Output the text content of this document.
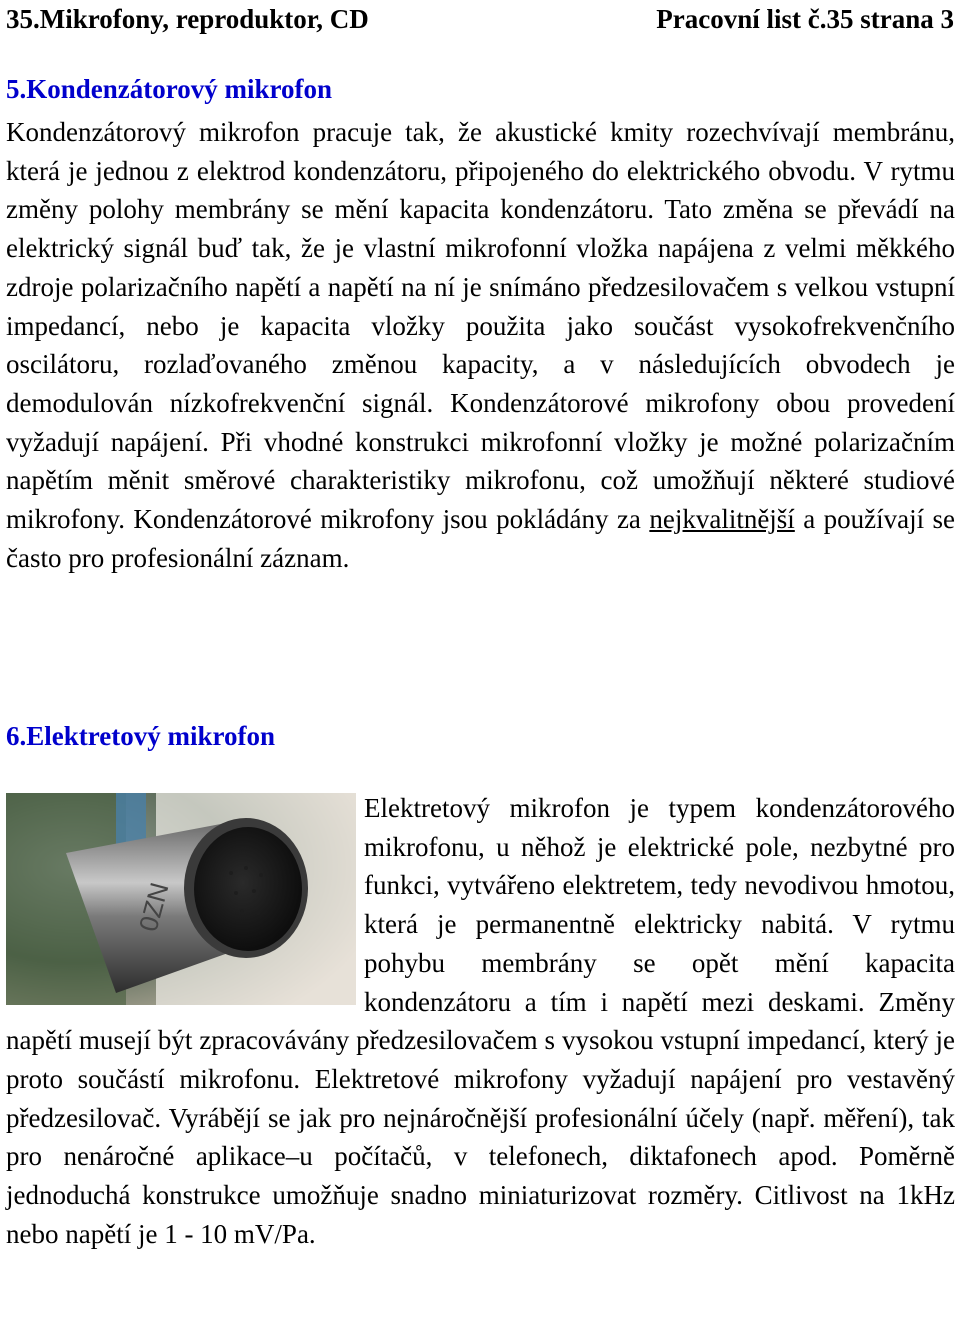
35.Mikrofony, reproduktor, CD	Pracovní list č.35 strana 3
5.Kondenzátorový mikrofon
Kondenzátorový mikrofon pracuje tak, že akustické kmity rozechvívají membránu, která je jednou z elektrod kondenzátoru, připojeného do elektrického obvodu. V rytmu změny polohy membrány se mění kapacita kondenzátoru. Tato změna se převádí na elektrický signál buď tak, že je vlastní mikrofonní vložka napájena z velmi měkkého zdroje polarizačního napětí a napětí na ní je snímáno předzesilovačem s velkou vstupní impedancí, nebo je kapacita vložky použita jako součást vysokofrekvenčního oscilátoru, rozlaďovaného změnou kapacity, a v následujících obvodech je demodulován nízkofrekvenční signál. Kondenzátorové mikrofony obou provedení vyžadují napájení. Při vhodné konstrukci mikrofonní vložky je možné polarizačním napětím měnit směrové charakteristiky mikrofonu, což umožňují některé studiové mikrofony. Kondenzátorové mikrofony jsou pokládány za nejkvalitnější a používají se často pro profesionální záznam.
6.Elektretový mikrofon
0ZN
Elektretový mikrofon je typem kondenzátorového mikrofonu, u něhož je elektrické pole, nezbytné pro funkci, vytvářeno elektretem, tedy nevodivou hmotou, která je permanentně elektricky nabitá. V rytmu pohybu membrány se opět mění kapacita kondenzátoru a tím i napětí mezi deskami. Změny napětí musejí být zpracovávány předzesilovačem s vysokou vstupní impedancí, který je proto součástí mikrofonu. Elektretové mikrofony vyžadují napájení pro vestavěný předzesilovač. Vyrábějí se jak pro nejnáročnější profesionální účely (např. měření), tak pro nenáročné aplikace–u počítačů, v telefonech, diktafonech apod. Poměrně jednoduchá konstrukce umožňuje snadno miniaturizovat rozměry. Citlivost na 1kHz nebo napětí je 1 - 10 mV/Pa.
